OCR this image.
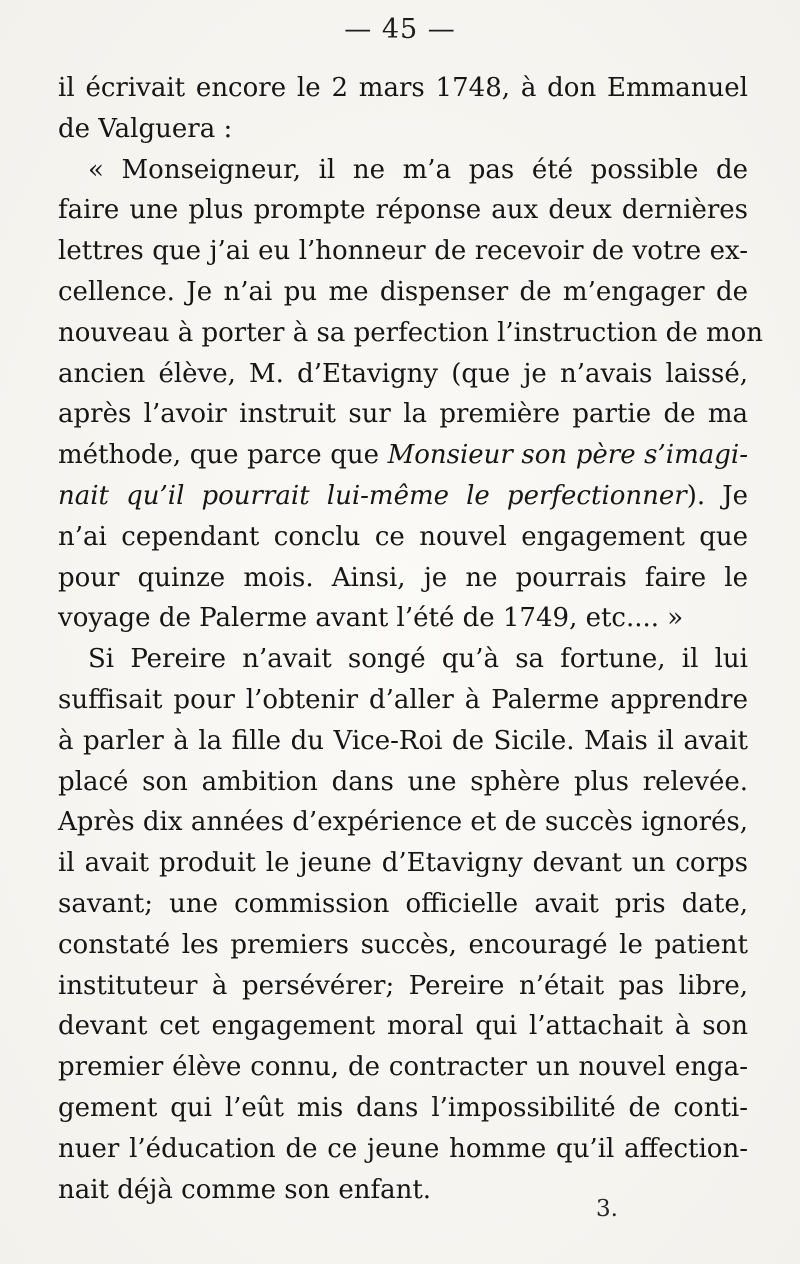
— 45 —
il écrivait encore le 2 mars 1748, à don Emmanuel
de Valguera :
« Monseigneur, il ne m’a pas été possible de
faire une plus prompte réponse aux deux dernières
lettres que j’ai eu l’honneur de recevoir de votre ex-
cellence. Je n’ai pu me dispenser de m’engager de
nouveau à porter à sa perfection l’instruction de mon
ancien élève, M. d’Etavigny (que je n’avais laissé,
après l’avoir instruit sur la première partie de ma
méthode, que parce que Monsieur son père s’imagi-
nait qu’il pourrait lui-même le perfectionner). Je
n’ai cependant conclu ce nouvel engagement que
pour quinze mois. Ainsi, je ne pourrais faire le
voyage de Palerme avant l’été de 1749, etc.... »
Si Pereire n’avait songé qu’à sa fortune, il lui
suffisait pour l’obtenir d’aller à Palerme apprendre
à parler à la fille du Vice-Roi de Sicile. Mais il avait
placé son ambition dans une sphère plus relevée.
Après dix années d’expérience et de succès ignorés,
il avait produit le jeune d’Etavigny devant un corps
savant; une commission officielle avait pris date,
constaté les premiers succès, encouragé le patient
instituteur à persévérer; Pereire n’était pas libre,
devant cet engagement moral qui l’attachait à son
premier élève connu, de contracter un nouvel enga-
gement qui l’eût mis dans l’impossibilité de conti-
nuer l’éducation de ce jeune homme qu’il affection-
nait déjà comme son enfant.
3.
